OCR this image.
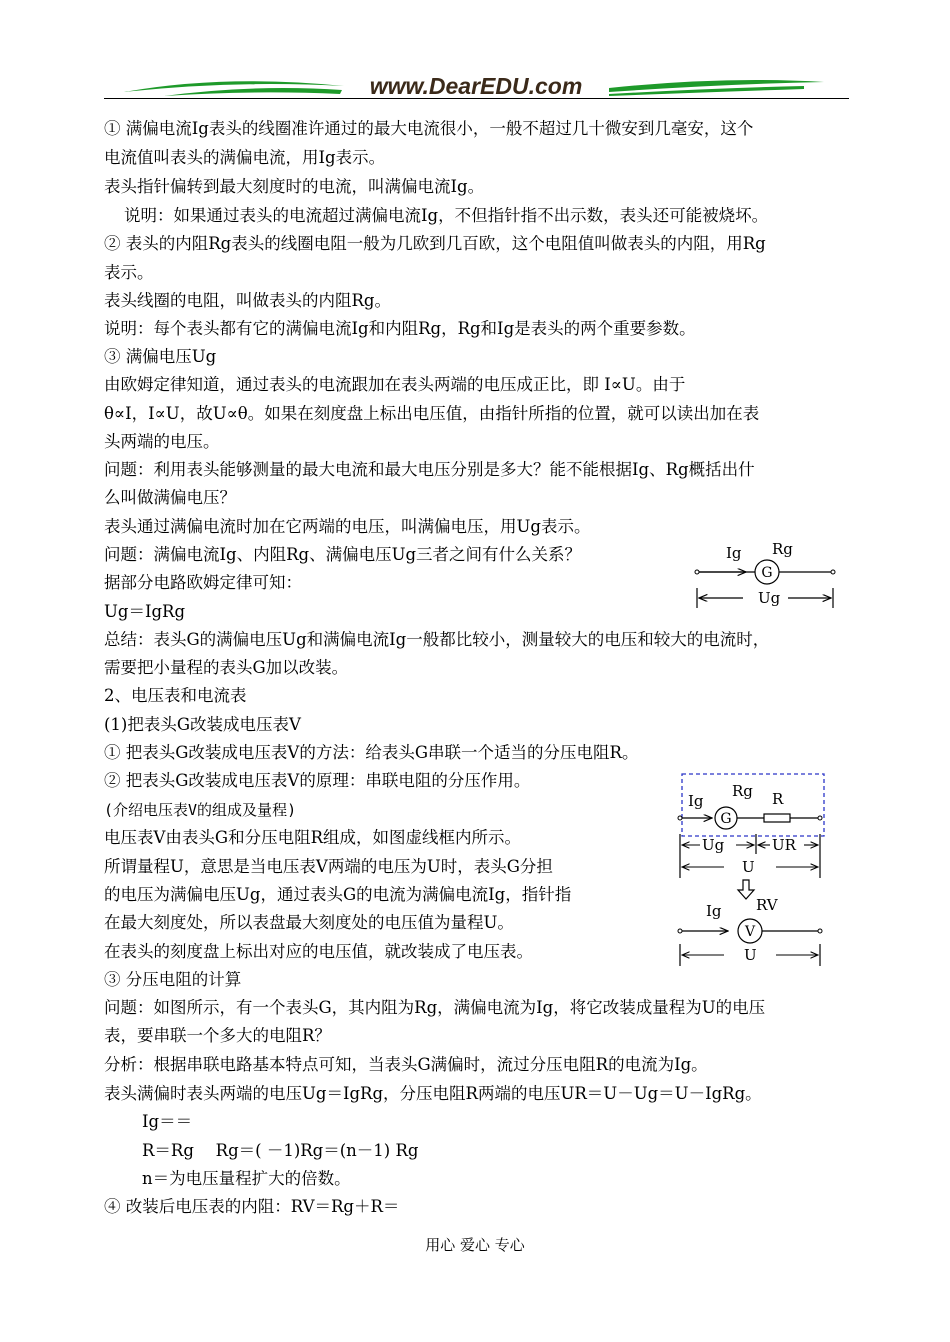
www.DearEDU.com
① 满偏电流Ig表头的线圈准许通过的最大电流很小，一般不超过几十微安到几毫安，这个
电流值叫表头的满偏电流，用Ig表示。
表头指针偏转到最大刻度时的电流，叫满偏电流Ig。
说明：如果通过表头的电流超过满偏电流Ig，不但指针指不出示数，表头还可能被烧坏。
② 表头的内阻Rg表头的线圈电阻一般为几欧到几百欧，这个电阻值叫做表头的内阻，用Rg
表示。
表头线圈的电阻，叫做表头的内阻Rg。
说明：每个表头都有它的满偏电流Ig和内阻Rg，Rg和Ig是表头的两个重要参数。
③ 满偏电压Ug
由欧姆定律知道，通过表头的电流跟加在表头两端的电压成正比，即 I∝U。由于
θ∝I，I∝U，故U∝θ。如果在刻度盘上标出电压值，由指针所指的位置，就可以读出加在表
头两端的电压。
问题：利用表头能够测量的最大电流和最大电压分别是多大？能不能根据Ig、Rg概括出什
么叫做满偏电压？
表头通过满偏电流时加在它两端的电压，叫满偏电压，用Ug表示。
问题：满偏电流Ig、内阻Rg、满偏电压Ug三者之间有什么关系？
据部分电路欧姆定律可知：
Ug＝IgRg
总结：表头G的满偏电压Ug和满偏电流Ig一般都比较小，测量较大的电压和较大的电流时，
需要把小量程的表头G加以改装。
2、电压表和电流表
(1)把表头G改装成电压表V
① 把表头G改装成电压表V的方法：给表头G串联一个适当的分压电阻R。
② 把表头G改装成电压表V的原理：串联电阻的分压作用。
(介绍电压表V的组成及量程)
电压表V由表头G和分压电阻R组成，如图虚线框内所示。
所谓量程U，意思是当电压表V两端的电压为U时，表头G分担
的电压为满偏电压Ug，通过表头G的电流为满偏电流Ig，指针指
在最大刻度处，所以表盘最大刻度处的电压值为量程U。
在表头的刻度盘上标出对应的电压值，就改装成了电压表。
③ 分压电阻的计算
问题：如图所示，有一个表头G，其内阻为Rg，满偏电流为Ig，将它改装成量程为U的电压
表，要串联一个多大的电阻R？
分析：根据串联电路基本特点可知，当表头G满偏时，流过分压电阻R的电流为Ig。
表头满偏时表头两端的电压Ug＝IgRg，分压电阻R两端的电压UR＝U－Ug＝U－IgRg。
Ig＝＝
R＝Rg　 Rg＝( －1)Rg＝(n－1) Rg
n＝为电压量程扩大的倍数。
④ 改装后电压表的内阻：RV＝Rg＋R＝
Ig Rg
G
Ug
Ig
Rg R
G
Ug	UR
U
Ig RV
V
U
用心 爱心 专心
